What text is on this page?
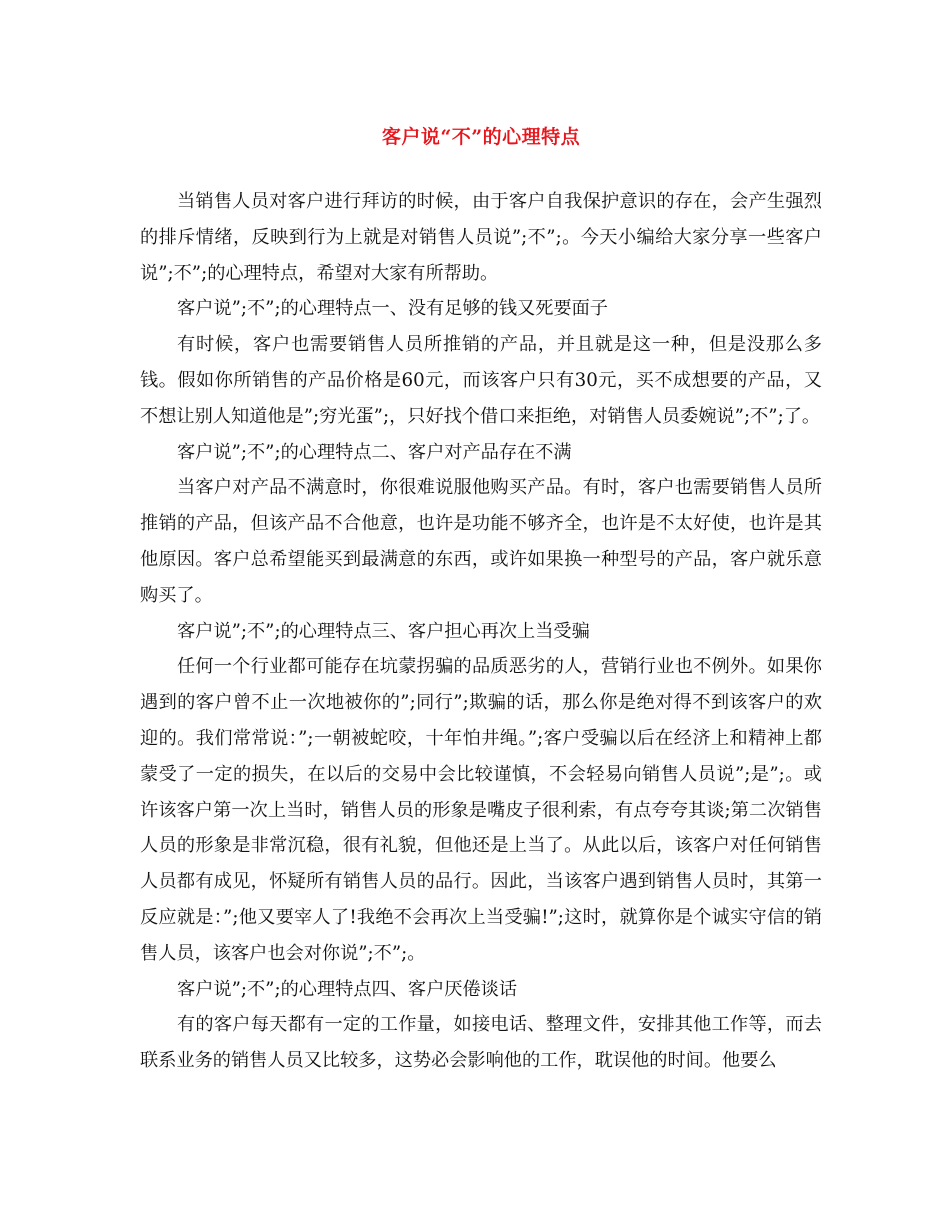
客户说“不”的心理特点

当销售人员对客户进行拜访的时候，由于客户自我保护意识的存在，会产生强烈的排斥情绪，反映到行为上就是对销售人员说”;不”;。今天小编给大家分享一些客户说”;不”;的心理特点，希望对大家有所帮助。

客户说”;不”;的心理特点一、没有足够的钱又死要面子

有时候，客户也需要销售人员所推销的产品，并且就是这一种，但是没那么多钱。假如你所销售的产品价格是60元，而该客户只有30元，买不成想要的产品，又不想让别人知道他是”;穷光蛋”;，只好找个借口来拒绝，对销售人员委婉说”;不”;了。

客户说”;不”;的心理特点二、客户对产品存在不满

当客户对产品不满意时，你很难说服他购买产品。有时，客户也需要销售人员所推销的产品，但该产品不合他意，也许是功能不够齐全，也许是不太好使，也许是其他原因。客户总希望能买到最满意的东西，或许如果换一种型号的产品，客户就乐意购买了。

客户说”;不”;的心理特点三、客户担心再次上当受骗

任何一个行业都可能存在坑蒙拐骗的品质恶劣的人，营销行业也不例外。如果你遇到的客户曾不止一次地被你的”;同行”;欺骗的话，那么你是绝对得不到该客户的欢迎的。我们常常说：”;一朝被蛇咬，十年怕井绳。”;客户受骗以后在经济上和精神上都蒙受了一定的损失，在以后的交易中会比较谨慎，不会轻易向销售人员说”;是”;。或许该客户第一次上当时，销售人员的形象是嘴皮子很利索，有点夸夸其谈;第二次销售人员的形象是非常沉稳，很有礼貌，但他还是上当了。从此以后，该客户对任何销售人员都有成见，怀疑所有销售人员的品行。因此，当该客户遇到销售人员时，其第一反应就是：”;他又要宰人了!我绝不会再次上当受骗!”;这时，就算你是个诚实守信的销售人员，该客户也会对你说”;不”;。

客户说”;不”;的心理特点四、客户厌倦谈话

有的客户每天都有一定的工作量，如接电话、整理文件，安排其他工作等，而去联系业务的销售人员又比较多，这势必会影响他的工作，耽误他的时间。他要么
